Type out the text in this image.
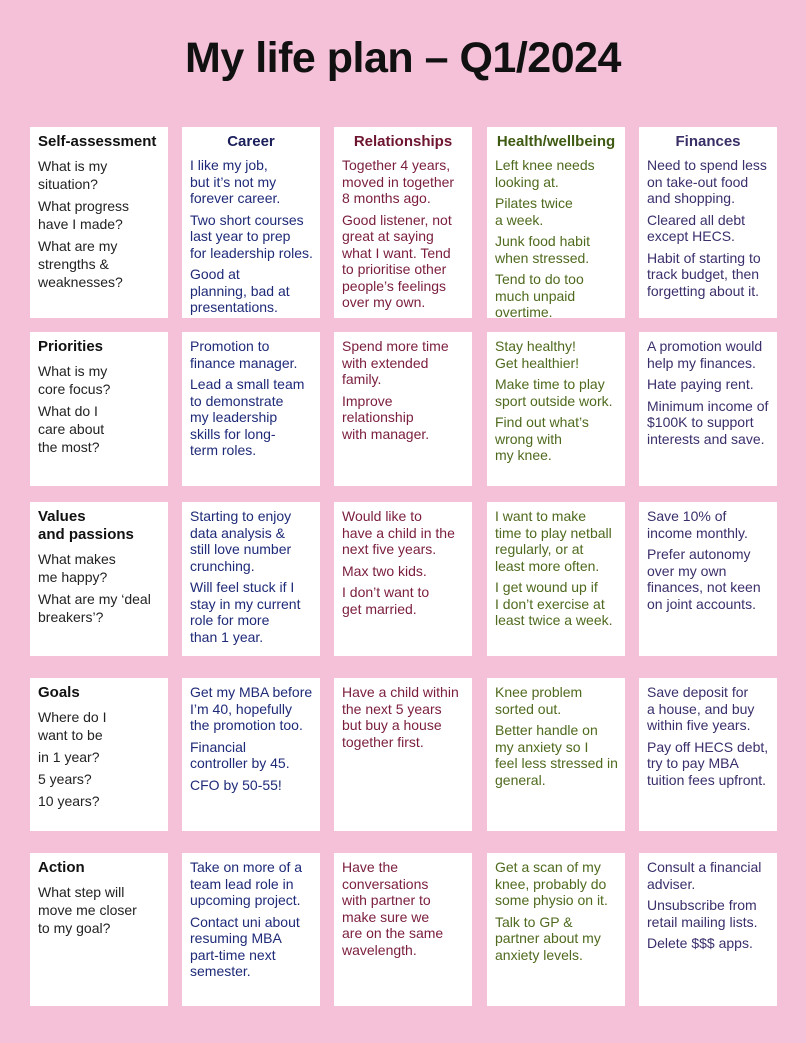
My life plan – Q1/2024
Self-assessment
What is my
situation?
What progress
have I made?
What are my
strengths &
weaknesses?
Career
I like my job,
but it’s not my
forever career.
Two short courses
last year to prep
for leadership roles.
Good at
planning, bad at
presentations.
Relationships
Together 4 years,
moved in together
8 months ago.
Good listener, not
great at saying
what I want. Tend
to prioritise other
people’s feelings
over my own.
Health/wellbeing
Left knee needs
looking at.
Pilates twice
a week.
Junk food habit
when stressed.
Tend to do too
much unpaid
overtime.
Finances
Need to spend less
on take-out food
and shopping.
Cleared all debt
except HECS.
Habit of starting to
track budget, then
forgetting about it.
Priorities
What is my
core focus?
What do I
care about
the most?
Promotion to
finance manager.
Lead a small team
to demonstrate
my leadership
skills for long-
term roles.
Spend more time
with extended
family.
Improve
relationship
with manager.
Stay healthy!
Get healthier!
Make time to play
sport outside work.
Find out what’s
wrong with
my knee.
A promotion would
help my finances.
Hate paying rent.
Minimum income of
$100K to support
interests and save.
Values
and passions
What makes
me happy?
What are my ‘deal
breakers’?
Starting to enjoy
data analysis &
still love number
crunching.
Will feel stuck if I
stay in my current
role for more
than 1 year.
Would like to
have a child in the
next five years.
Max two kids.
I don’t want to
get married.
I want to make
time to play netball
regularly, or at
least more often.
I get wound up if
I don’t exercise at
least twice a week.
Save 10% of
income monthly.
Prefer autonomy
over my own
finances, not keen
on joint accounts.
Goals
Where do I
want to be
in 1 year?
5 years?
10 years?
Get my MBA before
I’m 40, hopefully
the promotion too.
Financial
controller by 45.
CFO by 50-55!
Have a child within
the next 5 years
but buy a house
together first.
Knee problem
sorted out.
Better handle on
my anxiety so I
feel less stressed in
general.
Save deposit for
a house, and buy
within five years.
Pay off HECS debt,
try to pay MBA
tuition fees upfront.
Action
What step will
move me closer
to my goal?
Take on more of a
team lead role in
upcoming project.
Contact uni about
resuming MBA
part-time next
semester.
Have the
conversations
with partner to
make sure we
are on the same
wavelength.
Get a scan of my
knee, probably do
some physio on it.
Talk to GP &
partner about my
anxiety levels.
Consult a financial
adviser.
Unsubscribe from
retail mailing lists.
Delete $$$ apps.
